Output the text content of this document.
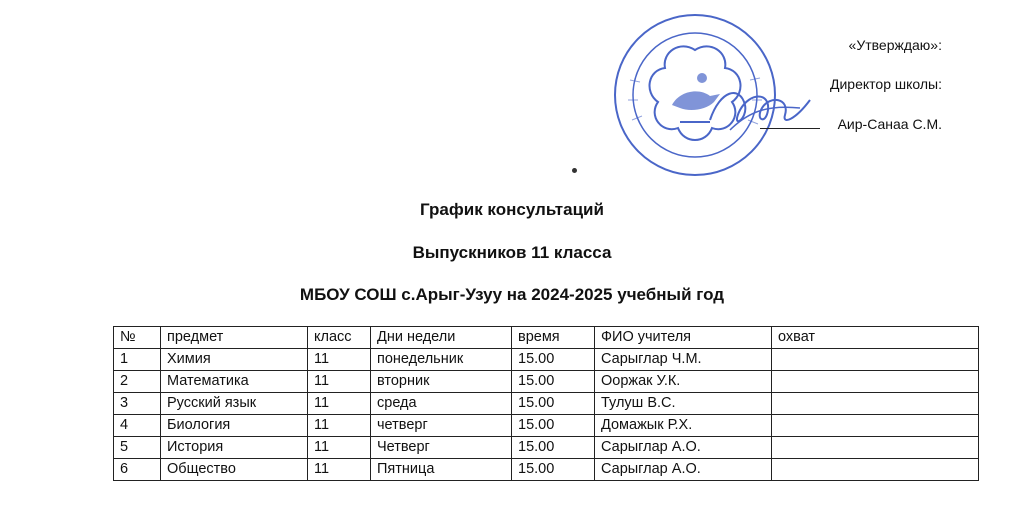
«Утверждаю»:
Директор школы:
Аир-Санаа С.М.
График консультаций
Выпускников 11 класса
МБОУ СОШ с.Арыг-Узуу на 2024-2025 учебный год
№	предмет	класс	Дни недели	время	ФИО учителя	охват
1	Химия	11	понедельник	15.00	Сарыглар Ч.М.	
2	Математика	11	вторник	15.00	Ооржак У.К.	
3	Русский язык	11	среда	15.00	Тулуш В.С.	
4	Биология	11	четверг	15.00	Домажык Р.Х.	
5	История	11	Четверг	15.00	Сарыглар А.О.	
6	Общество	11	Пятница	15.00	Сарыглар А.О.	
